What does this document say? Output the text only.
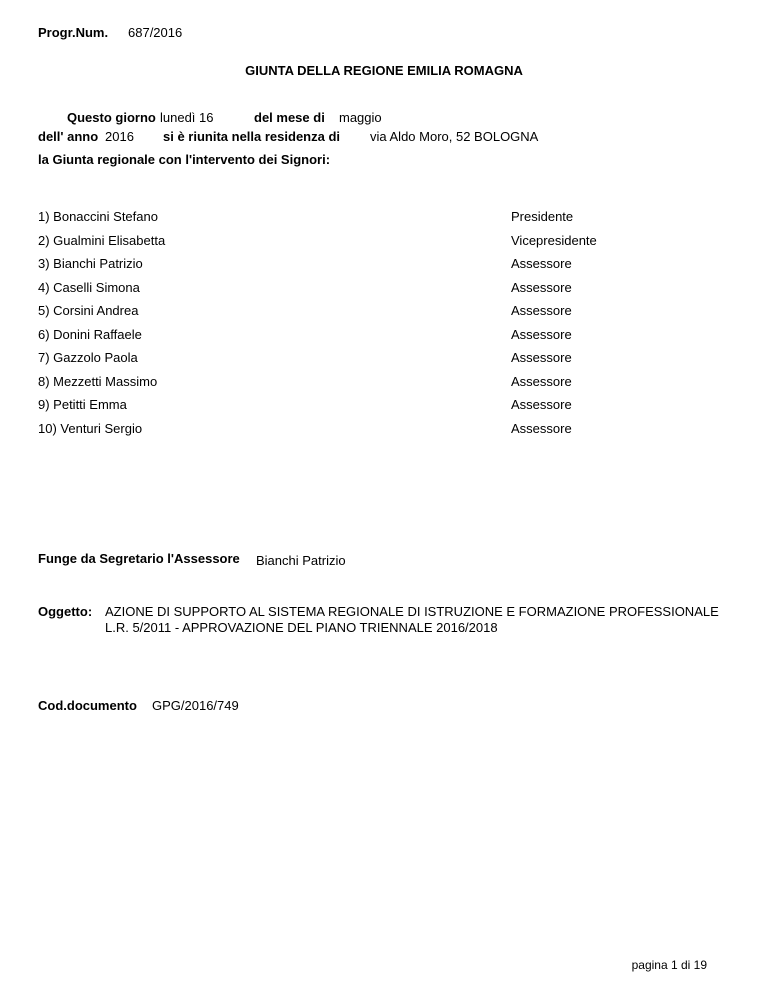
Progr.Num. 687/2016
GIUNTA DELLA REGIONE EMILIA ROMAGNA
Questo giorno lunedì 16	del mese di maggio
dell' anno 2016 si è riunita nella residenza di via Aldo Moro, 52 BOLOGNA
la Giunta regionale con l'intervento dei Signori:
1) Bonaccini Stefano	Presidente
2) Gualmini Elisabetta	Vicepresidente
3) Bianchi Patrizio	Assessore
4) Caselli Simona	Assessore
5) Corsini Andrea	Assessore
6) Donini Raffaele	Assessore
7) Gazzolo Paola	Assessore
8) Mezzetti Massimo	Assessore
9) Petitti Emma	Assessore
10) Venturi Sergio	Assessore
Funge da Segretario l'Assessore Bianchi Patrizio
Oggetto: AZIONE DI SUPPORTO AL SISTEMA REGIONALE DI ISTRUZIONE E FORMAZIONE PROFESSIONALE
L.R. 5/2011 - APPROVAZIONE DEL PIANO TRIENNALE 2016/2018
Cod.documento GPG/2016/749
pagina 1 di 19
